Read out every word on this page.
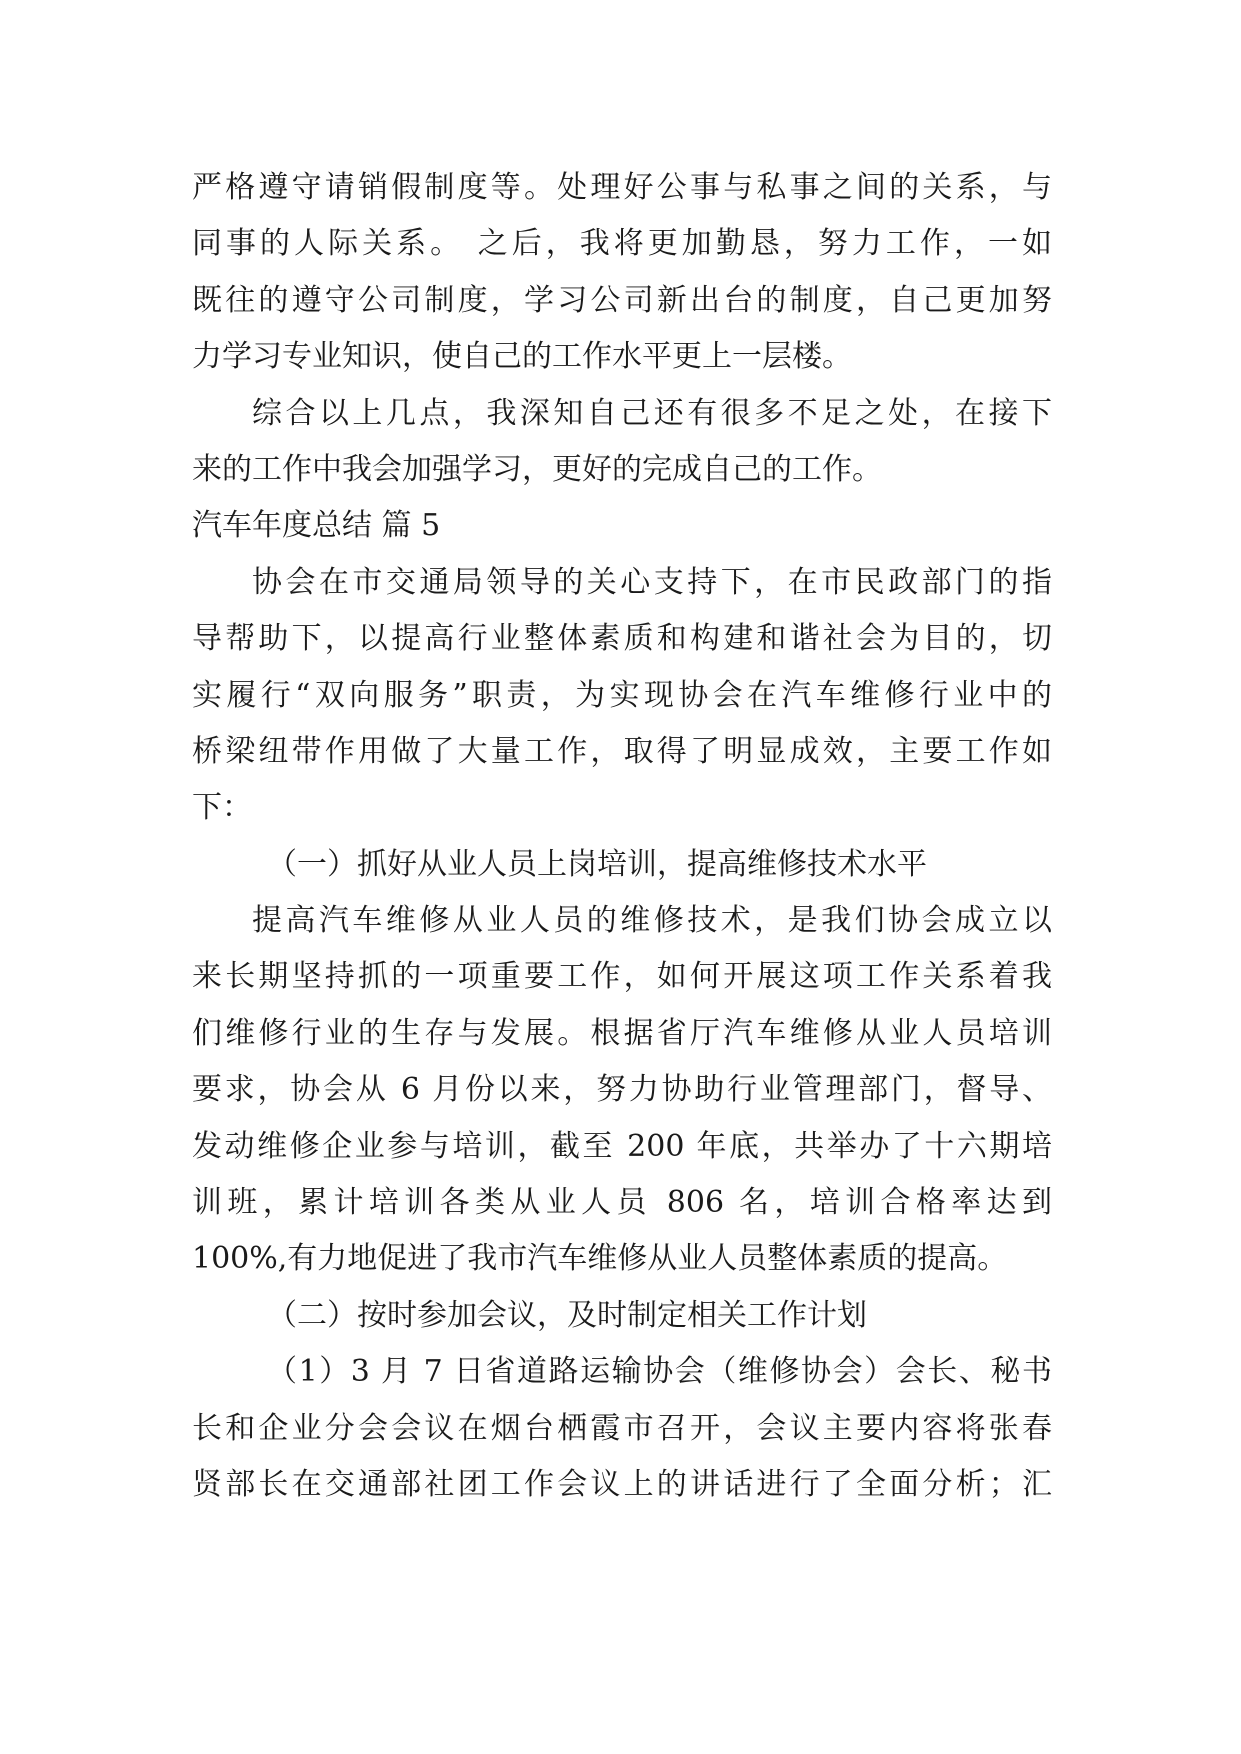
严格遵守请销假制度等。处理好公事与私事之间的关系，与
同事的人际关系。 之后，我将更加勤恳，努力工作，一如
既往的遵守公司制度，学习公司新出台的制度，自己更加努
力学习专业知识，使自己的工作水平更上一层楼。
综合以上几点，我深知自己还有很多不足之处，在接下
来的工作中我会加强学习，更好的完成自己的工作。
汽车年度总结 篇 5
协会在市交通局领导的关心支持下，在市民政部门的指
导帮助下，以提高行业整体素质和构建和谐社会为目的，切
实履行“双向服务”职责，为实现协会在汽车维修行业中的
桥梁纽带作用做了大量工作，取得了明显成效，主要工作如
下：
（一）抓好从业人员上岗培训，提高维修技术水平
提高汽车维修从业人员的维修技术，是我们协会成立以
来长期坚持抓的一项重要工作，如何开展这项工作关系着我
们维修行业的生存与发展。根据省厅汽车维修从业人员培训
要求，协会从 6 月份以来，努力协助行业管理部门，督导、
发动维修企业参与培训，截至 200 年底，共举办了十六期培
训班，累计培训各类从业人员 806 名，培训合格率达到
100%,有力地促进了我市汽车维修从业人员整体素质的提高。
（二）按时参加会议，及时制定相关工作计划
（1）3 月 7 日省道路运输协会（维修协会）会长、秘书
长和企业分会会议在烟台栖霞市召开，会议主要内容将张春
贤部长在交通部社团工作会议上的讲话进行了全面分析；汇
